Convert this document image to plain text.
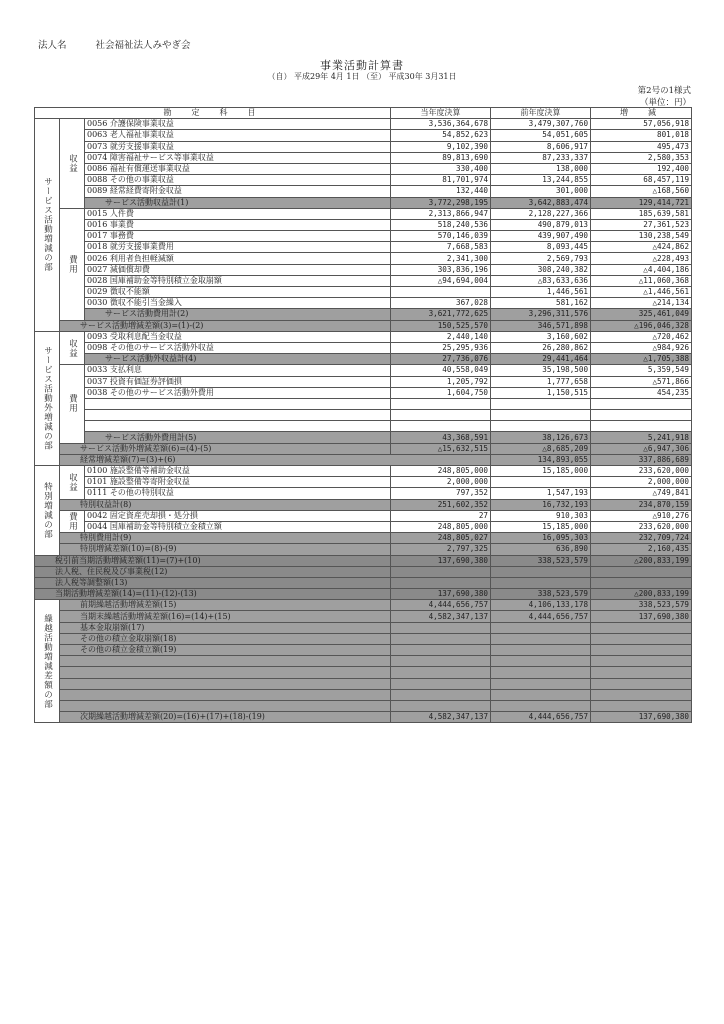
法人名	社会福祉法人みやぎ会
事業活動計算書
（自） 平成29年 4月 1日 （至） 平成30年 3月31日
第2号の1様式
（単位：円）
勘　定　科　目			当年度決算	前年度決算	増　減	
サービス活動増減の部	収益	0056 介護保険事業収益	3,536,364,678	3,479,307,760	57,056,918	
		0063 老人福祉事業収益	54,852,623	54,051,605	801,018	
		0073 就労支援事業収益	9,102,390	8,606,917	495,473	
		0074 障害福祉サービス等事業収益	89,813,690	87,233,337	2,580,353	
		0086 福祉有償運送事業収益	330,400	138,000	192,400	
		0088 その他の事業収益	81,701,974	13,244,855	68,457,119	
		0089 経常経費寄附金収益	132,440	301,000	△168,560	
		サービス活動収益計(1)	3,772,298,195	3,642,883,474	129,414,721	
	費用	0015 人件費	2,313,866,947	2,128,227,366	185,639,581	
		0016 事業費	518,240,536	490,879,013	27,361,523	
		0017 事務費	570,146,039	439,907,490	130,238,549	
		0018 就労支援事業費用	7,668,583	8,093,445	△424,862	
		0026 利用者負担軽減額	2,341,300	2,569,793	△228,493	
		0027 減価償却費	303,836,196	308,240,382	△4,404,186	
		0028 国庫補助金等特別積立金取崩額	△94,694,004	△83,633,636	△11,060,368	
		0029 徴収不能額		1,446,561	△1,446,561	
		0030 徴収不能引当金繰入	367,028	581,162	△214,134	
		サービス活動費用計(2)	3,621,772,625	3,296,311,576	325,461,049	
	サービス活動増減差額(3)=(1)-(2)		150,525,570	346,571,898	△196,046,328	
サービス活動外増減の部	収益	0093 受取利息配当金収益	2,440,140	3,160,602	△720,462	
		0098 その他のサービス活動外収益	25,295,936	26,280,862	△984,926	
		サービス活動外収益計(4)	27,736,076	29,441,464	△1,705,388	
	費用	0033 支払利息	40,558,049	35,198,500	5,359,549	
		0037 投資有価証券評価損	1,205,792	1,777,658	△571,866	
		0038 その他のサービス活動外費用	1,604,750	1,150,515	454,235	

		サービス活動外費用計(5)	43,368,591	38,126,673	5,241,918	
	サービス活動外増減差額(6)=(4)-(5)		△15,632,515	△8,685,209	△6,947,306	
	経常増減差額(7)=(3)+(6)			134,893,055	337,886,689	
特別増減の部	収益	0100 施設整備等補助金収益	248,805,000	15,185,000	233,620,000	
		0101 施設整備等寄附金収益	2,000,000		2,000,000	
		0111 その他の特別収益	797,352	1,547,193	△749,841	
	特別収益計(8)		251,602,352	16,732,193	234,870,159	
	費用	0042 固定資産売却損・処分損	27	910,303	△910,276	
		0044 国庫補助金等特別積立金積立額	248,805,000	15,185,000	233,620,000	
	特別費用計(9)		248,805,027	16,095,303	232,709,724	
	特別増減差額(10)=(8)-(9)		2,797,325	636,890	2,160,435	
税引前当期活動増減差額(11)=(7)+(10)			137,690,380	338,523,579	△200,833,199	
法人税、住民税及び事業税(12)						
法人税等調整額(13)						
当期活動増減差額(14)=(11)-(12)-(13)			137,690,380	338,523,579	△200,833,199	
繰越活動増減差額の部	前期繰越活動増減差額(15)		4,444,656,757	4,106,133,178	338,523,579	
	当期末繰越活動増減差額(16)=(14)+(15)		4,582,347,137	4,444,656,757	137,690,380	
	基本金取崩額(17)					
	その他の積立金取崩額(18)					
	その他の積立金積立額(19)					

	次期繰越活動増減差額(20)=(16)+(17)+(18)-(19)		4,582,347,137	4,444,656,757	137,690,380	
